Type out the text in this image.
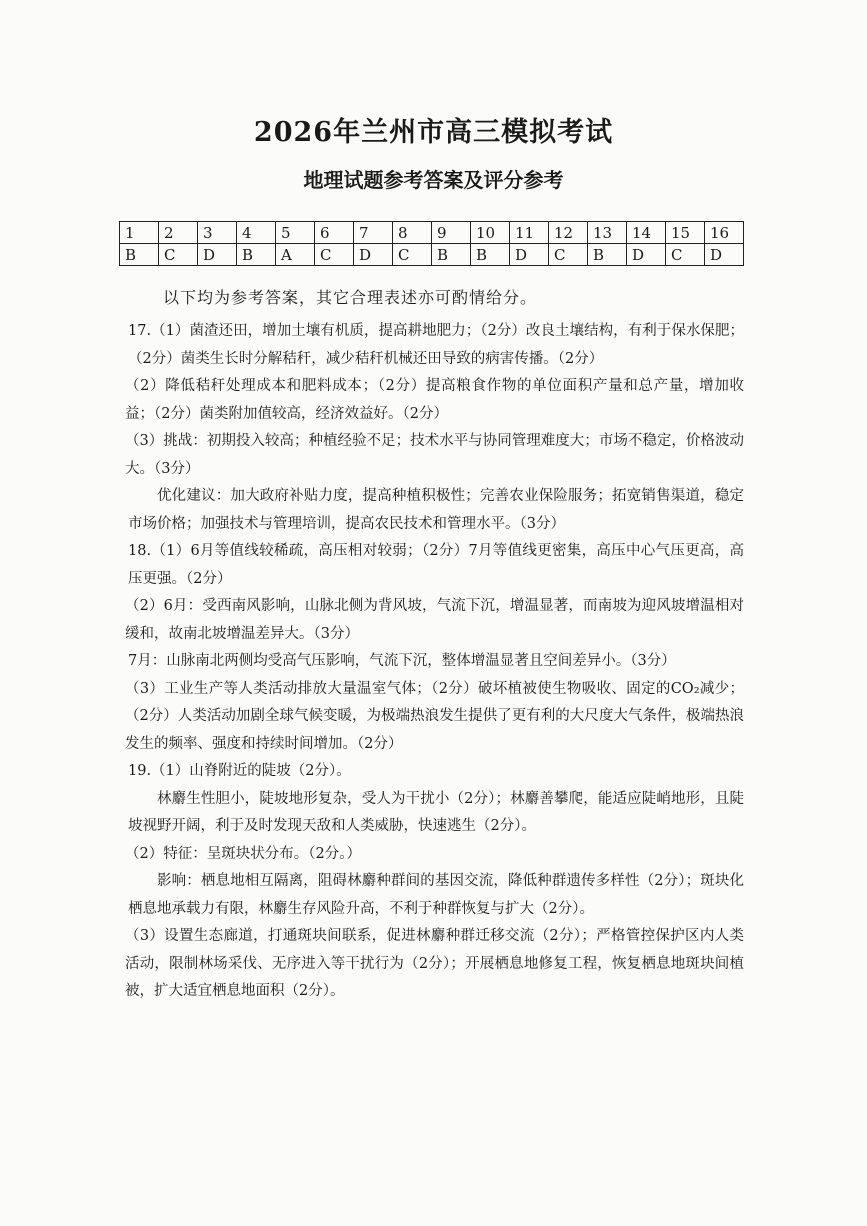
2026年兰州市高三模拟考试
地理试题参考答案及评分参考
1	2	3	4	5	6	7	8	9	10	11	12	13	14	15	16
B	C	D	B	A	C	D	C	B	B	D	C	B	D	C	D
以下均为参考答案，其它合理表述亦可酌情给分。

17.（1）菌渣还田，增加土壤有机质，提高耕地肥力；（2分）改良土壤结构，有利于保水保肥；（2分）菌类生长时分解秸秆，减少秸秆机械还田导致的病害传播。（2分）

（2）降低秸秆处理成本和肥料成本；（2分）提高粮食作物的单位面积产量和总产量，增加收益；（2分）菌类附加值较高，经济效益好。（2分）

（3）挑战：初期投入较高；种植经验不足；技术水平与协同管理难度大；市场不稳定，价格波动大。（3分）

优化建议：加大政府补贴力度，提高种植积极性；完善农业保险服务；拓宽销售渠道，稳定市场价格；加强技术与管理培训，提高农民技术和管理水平。（3分）

18.（1）6月等值线较稀疏，高压相对较弱；（2分）7月等值线更密集，高压中心气压更高，高压更强。（2分）

（2）6月：受西南风影响，山脉北侧为背风坡，气流下沉，增温显著，而南坡为迎风坡增温相对缓和，故南北坡增温差异大。（3分）

7月：山脉南北两侧均受高气压影响，气流下沉，整体增温显著且空间差异小。（3分）

（3）工业生产等人类活动排放大量温室气体；（2分）破坏植被使生物吸收、固定的CO₂减少；（2分）人类活动加剧全球气候变暖，为极端热浪发生提供了更有利的大尺度大气条件，极端热浪发生的频率、强度和持续时间增加。（2分）

19.（1）山脊附近的陡坡（2分）。

林麝生性胆小，陡坡地形复杂，受人为干扰小（2分）；林麝善攀爬，能适应陡峭地形，且陡坡视野开阔，利于及时发现天敌和人类威胁，快速逃生（2分）。

（2）特征：呈斑块状分布。（2分。）

影响：栖息地相互隔离，阻碍林麝种群间的基因交流，降低种群遗传多样性（2分）；斑块化栖息地承载力有限，林麝生存风险升高，不利于种群恢复与扩大（2分）。

（3）设置生态廊道，打通斑块间联系，促进林麝种群迁移交流（2分）；严格管控保护区内人类活动，限制林场采伐、无序进入等干扰行为（2分）；开展栖息地修复工程，恢复栖息地斑块间植被，扩大适宜栖息地面积（2分）。
